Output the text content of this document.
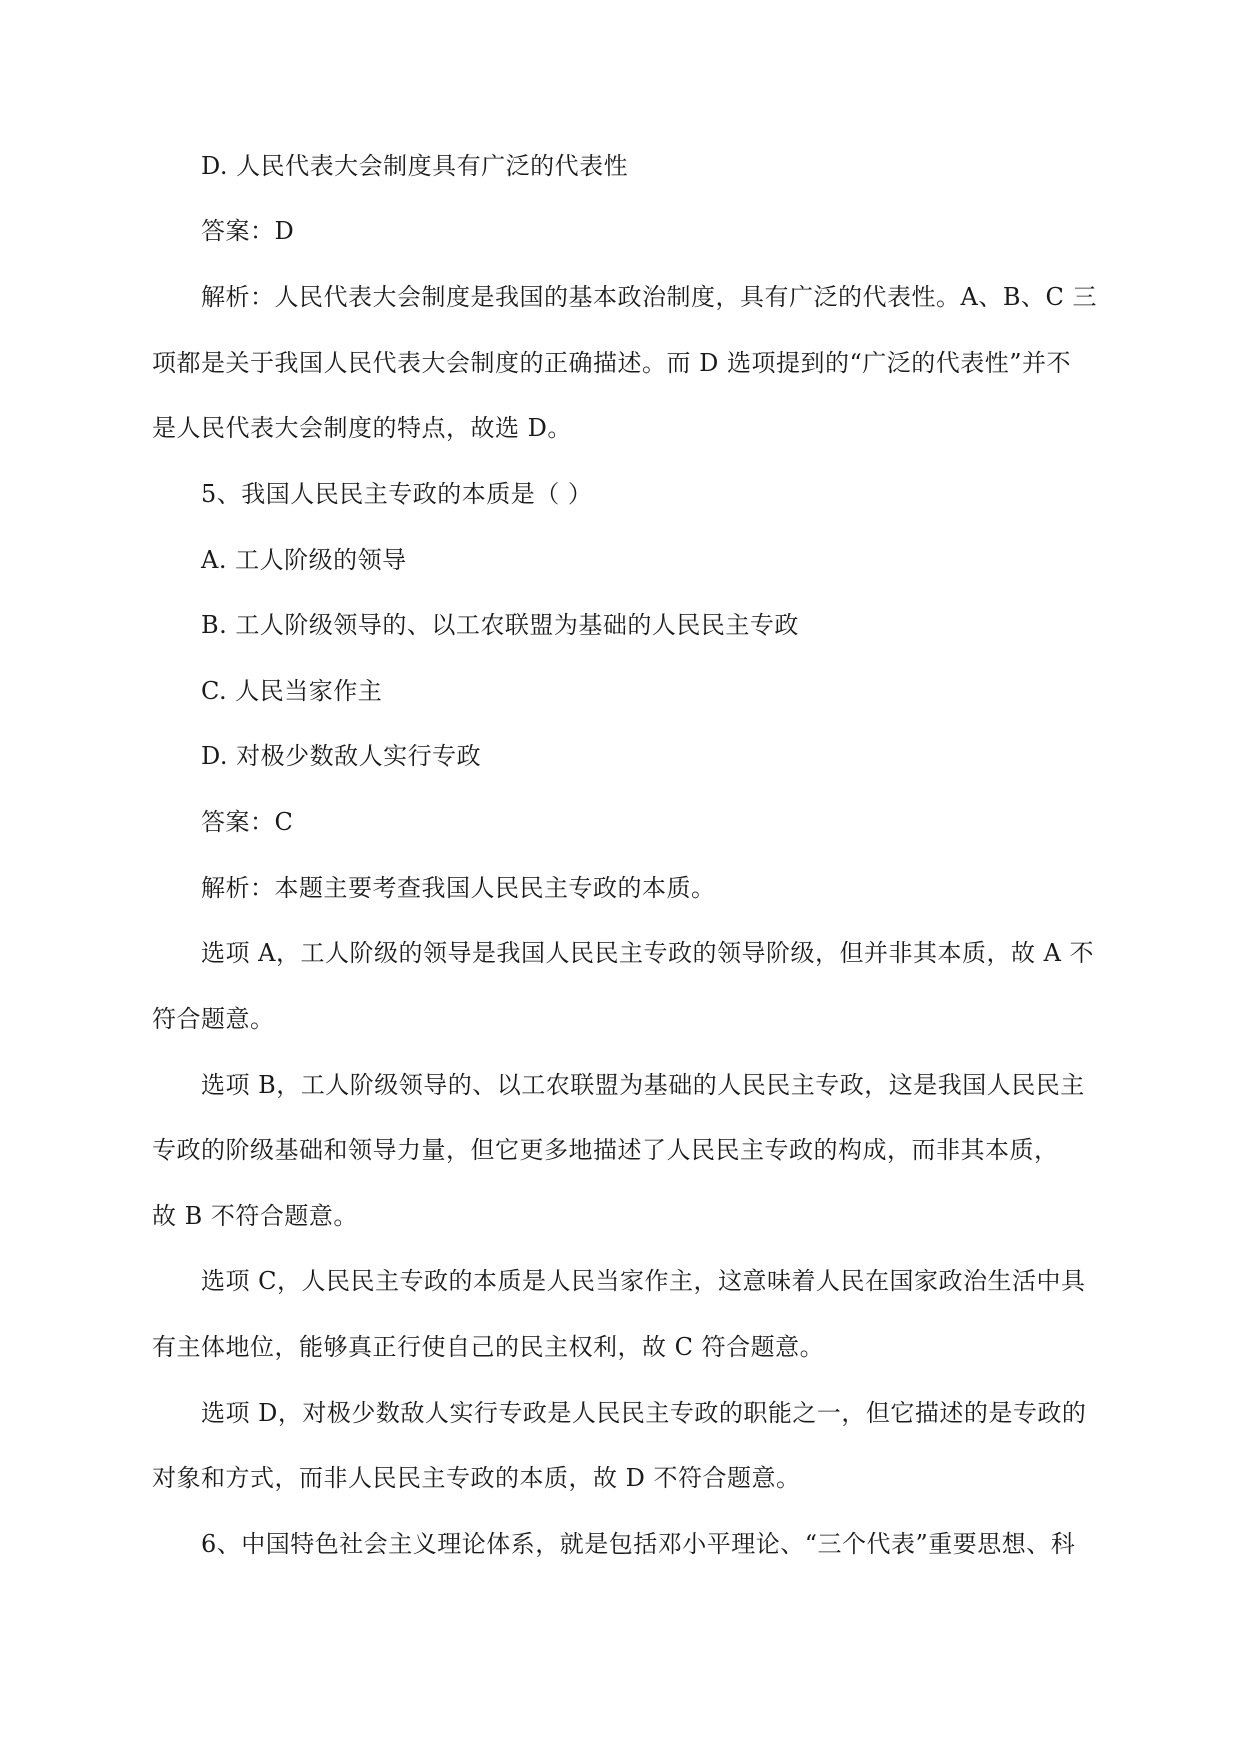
D. 人民代表大会制度具有广泛的代表性
答案：D
解析：人民代表大会制度是我国的基本政治制度，具有广泛的代表性。A、B、C 三
项都是关于我国人民代表大会制度的正确描述。而 D 选项提到的“广泛的代表性”并不
是人民代表大会制度的特点，故选 D。
5、我国人民民主专政的本质是（ ）
A. 工人阶级的领导
B. 工人阶级领导的、以工农联盟为基础的人民民主专政
C. 人民当家作主
D. 对极少数敌人实行专政
答案：C
解析：本题主要考查我国人民民主专政的本质。
选项 A，工人阶级的领导是我国人民民主专政的领导阶级，但并非其本质，故 A 不
符合题意。
选项 B，工人阶级领导的、以工农联盟为基础的人民民主专政，这是我国人民民主
专政的阶级基础和领导力量，但它更多地描述了人民民主专政的构成，而非其本质，
故 B 不符合题意。
选项 C，人民民主专政的本质是人民当家作主，这意味着人民在国家政治生活中具
有主体地位，能够真正行使自己的民主权利，故 C 符合题意。
选项 D，对极少数敌人实行专政是人民民主专政的职能之一，但它描述的是专政的
对象和方式，而非人民民主专政的本质，故 D 不符合题意。
6、中国特色社会主义理论体系，就是包括邓小平理论、“三个代表”重要思想、科
